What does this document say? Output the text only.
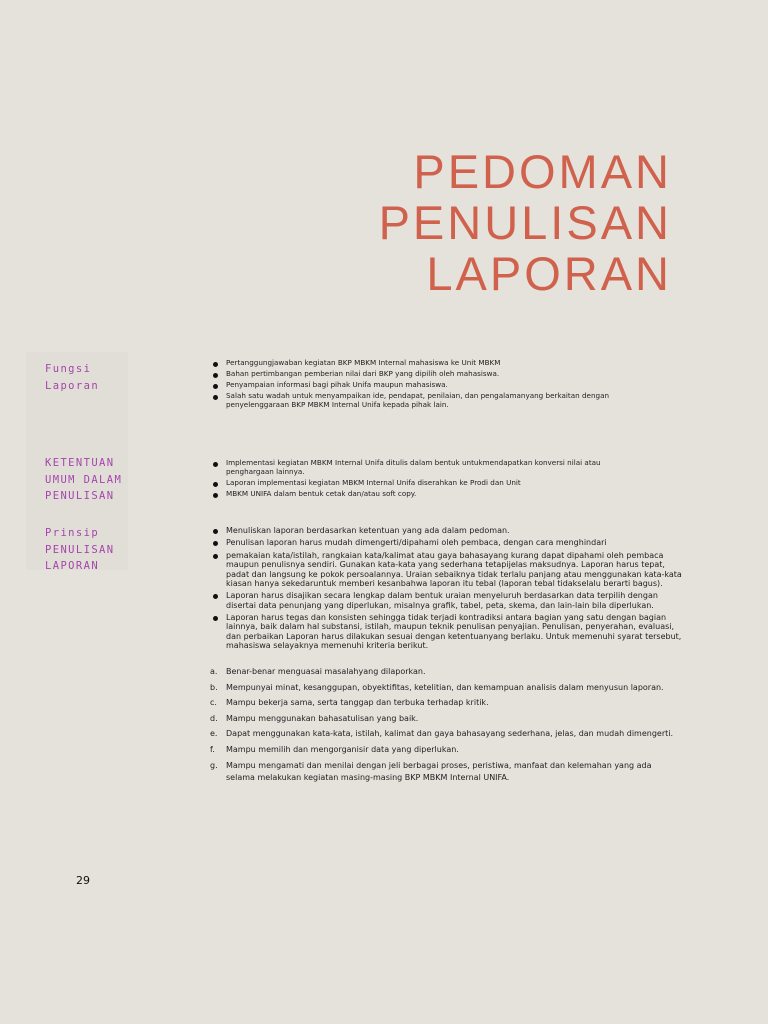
PEDOMAN
PENULISAN
LAPORAN
Fungsi
Laporan
KETENTUAN
UMUM DALAM
PENULISAN
Prinsip
PENULISAN
LAPORAN
Pertanggungjawaban kegiatan BKP MBKM Internal mahasiswa ke Unit MBKM
Bahan pertimbangan pemberian nilai dari BKP yang dipilih oleh mahasiswa.
Penyampaian informasi bagi pihak Unifa maupun mahasiswa.
Salah satu wadah untuk menyampaikan ide, pendapat, penilaian, dan pengalamanyang berkaitan dengan penyelenggaraan BKP MBKM Internal Unifa kepada pihak lain.
Implementasi kegiatan MBKM Internal Unifa ditulis dalam bentuk untukmendapatkan konversi nilai atau penghargaan lainnya.
Laporan implementasi kegiatan MBKM Internal Unifa diserahkan ke Prodi dan Unit
MBKM UNIFA dalam bentuk cetak dan/atau soft copy.
Menuliskan laporan berdasarkan ketentuan yang ada dalam pedoman.
Penulisan laporan harus mudah dimengerti/dipahami oleh pembaca, dengan cara menghindari
pemakaian kata/istilah, rangkaian kata/kalimat atau gaya bahasayang kurang dapat dipahami oleh pembaca maupun penulisnya sendiri. Gunakan kata-kata yang sederhana tetapijelas maksudnya. Laporan harus tepat, padat dan langsung ke pokok persoalannya. Uraian sebaiknya tidak terlalu panjang atau menggunakan kata-kata kiasan hanya sekedaruntuk memberi kesanbahwa laporan itu tebal (laporan tebal tidakselalu berarti bagus).
Laporan harus disajikan secara lengkap dalam bentuk uraian menyeluruh berdasarkan data terpilih dengan disertai data penunjang yang diperlukan, misalnya grafik, tabel, peta, skema, dan lain-lain bila diperlukan.
Laporan harus tegas dan konsisten sehingga tidak terjadi kontradiksi antara bagian yang satu dengan bagian lainnya, baik dalam hal substansi, istilah, maupun teknik penulisan penyajian. Penulisan, penyerahan, evaluasi, dan perbaikan Laporan harus dilakukan sesuai dengan ketentuanyang berlaku. Untuk memenuhi syarat tersebut, mahasiswa selayaknya memenuhi kriteria berikut.
a. Benar-benar menguasai masalahyang dilaporkan.
b. Mempunyai minat, kesanggupan, obyektifitas, ketelitian, dan kemampuan analisis dalam menyusun laporan.
c. Mampu bekerja sama, serta tanggap dan terbuka terhadap kritik.
d. Mampu menggunakan bahasatulisan yang baik.
e. Dapat menggunakan kata-kata, istilah, kalimat dan gaya bahasayang sederhana, jelas, dan mudah dimengerti.
f. Mampu memilih dan mengorganisir data yang diperlukan.
g. Mampu mengamati dan menilai dengan jeli berbagai proses, peristiwa, manfaat dan kelemahan yang ada selama melakukan kegiatan masing-masing BKP MBKM Internal UNIFA.
29
